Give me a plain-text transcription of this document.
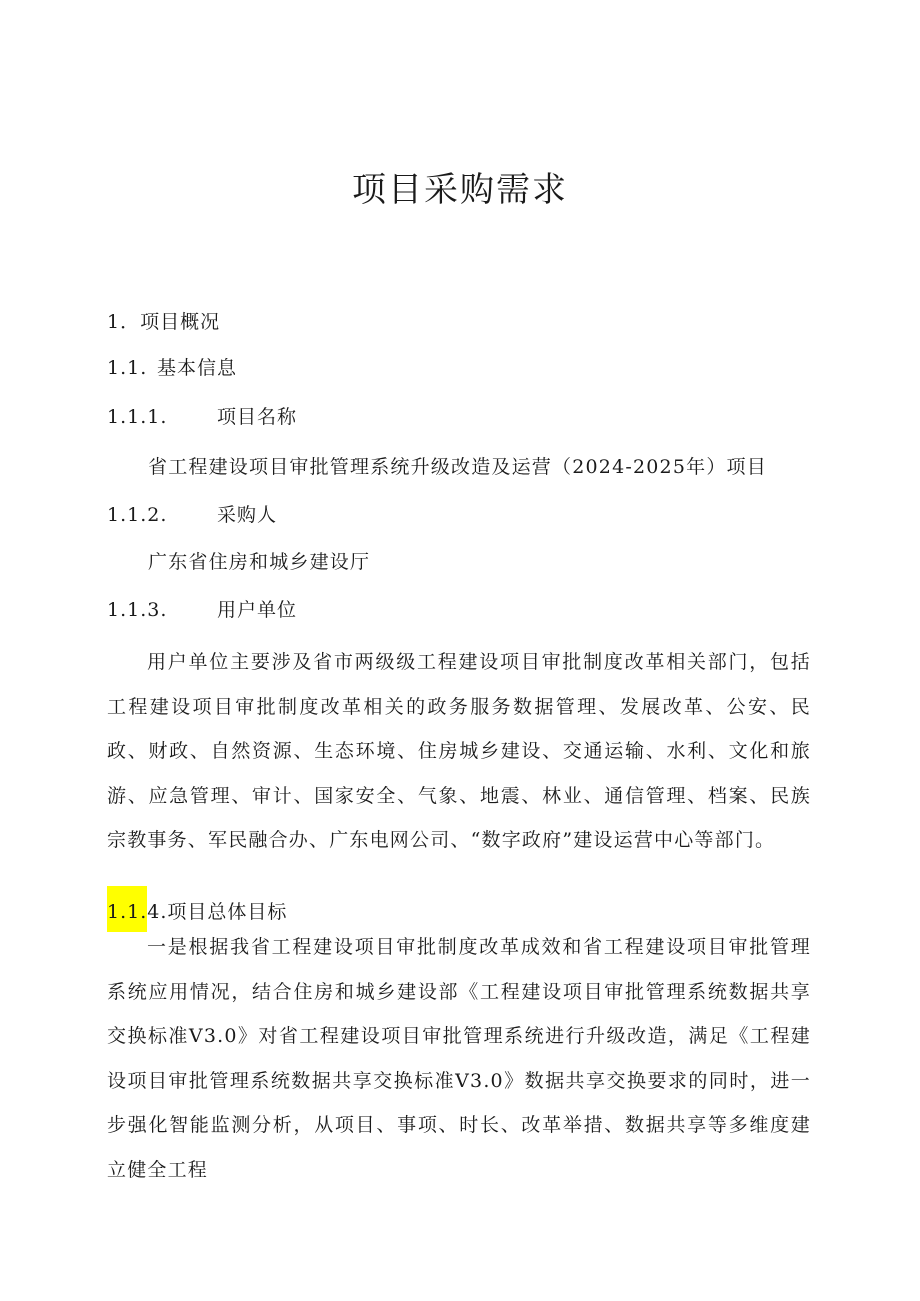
项目采购需求
1．项目概况
1.1. 基本信息
1.1.1.	项目名称
省工程建设项目审批管理系统升级改造及运营（2024-2025年）项目
1.1.2.	采购人
广东省住房和城乡建设厅
1.1.3.	用户单位

用户单位主要涉及省市两级级工程建设项目审批制度改革相关部门，包括工程建设项目审批制度改革相关的政务服务数据管理、发展改革、公安、民政、财政、自然资源、生态环境、住房城乡建设、交通运输、水利、文化和旅游、应急管理、审计、国家安全、气象、地震、林业、通信管理、档案、民族宗教事务、军民融合办、广东电网公司、“数字政府”建设运营中心等部门。

1.1.4.项目总体目标

一是根据我省工程建设项目审批制度改革成效和省工程建设项目审批管理系统应用情况，结合住房和城乡建设部《工程建设项目审批管理系统数据共享交换标准V3.0》对省工程建设项目审批管理系统进行升级改造，满足《工程建设项目审批管理系统数据共享交换标准V3.0》数据共享交换要求的同时，进一步强化智能监测分析，从项目、事项、时长、改革举措、数据共享等多维度建立健全工程
